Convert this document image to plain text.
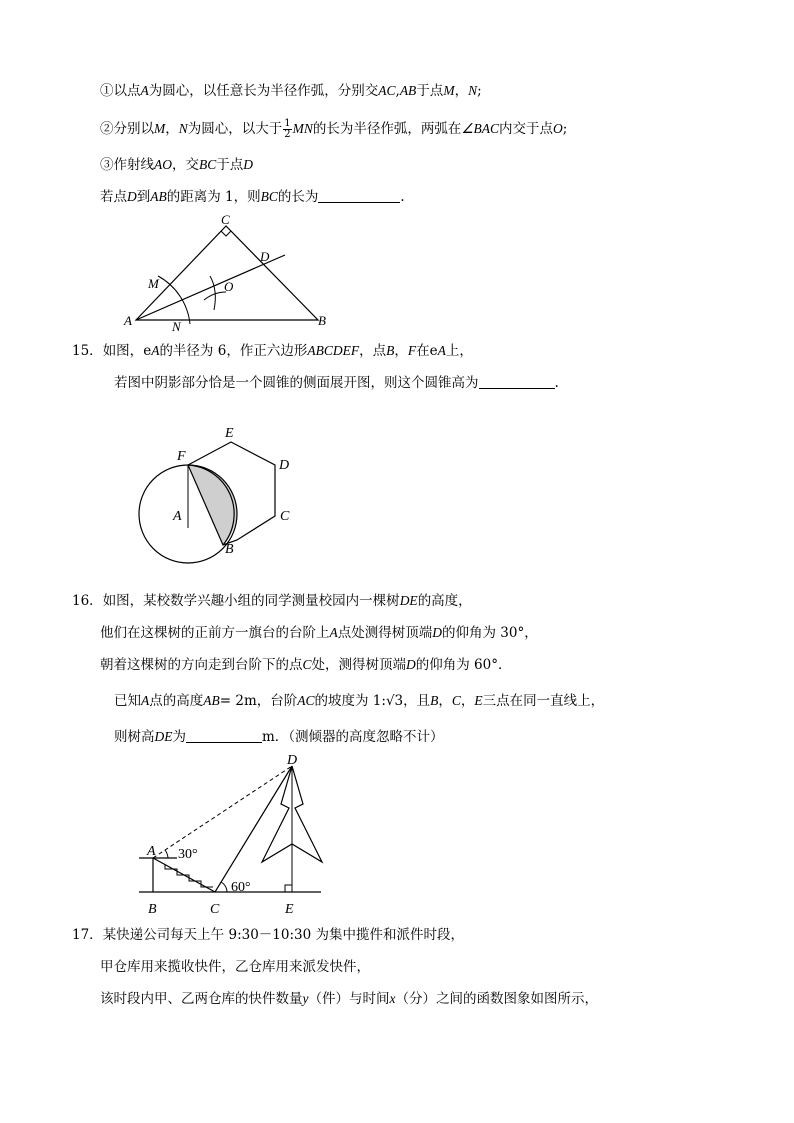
①以点A为圆心，以任意长为半径作弧，分别交AC,AB于点M，N;
②分别以M，N为圆心，以大于 $\frac{1}{2}$ MN的长为半径作弧，两弧在∠BAC内交于点O;
③作射线AO，交BC于点D
若点D到AB的距离为 1，则BC的长为	.
C
D
M	O
A	N	B
15．如图，eA的半径为 6，作正六边形ABCDEF，点B，F在eA上，
若图中阴影部分恰是一个圆锥的侧面展开图，则这个圆锥高为	.
E
F
D
A	C
B
16．如图，某校数学兴趣小组的同学测量校园内一棵树DE的高度，
他们在这棵树的正前方一旗台的台阶上A点处测得树顶端D的仰角为 30°，
朝着这棵树的方向走到台阶下的点C处，测得树顶端D的仰角为 60°．
已知A点的高度AB= 2m，台阶AC的坡度为 1:√3，且B，C，E三点在同一直线上，
则树高DE为	m．（测倾器的高度忽略不计）
D
A 30°
60°
B	C	E
17．某快递公司每天上午 9:30－10:30 为集中揽件和派件时段，
甲仓库用来揽收快件，乙仓库用来派发快件，
该时段内甲、乙两仓库的快件数量y（件）与时间x（分）之间的函数图象如图所示，
